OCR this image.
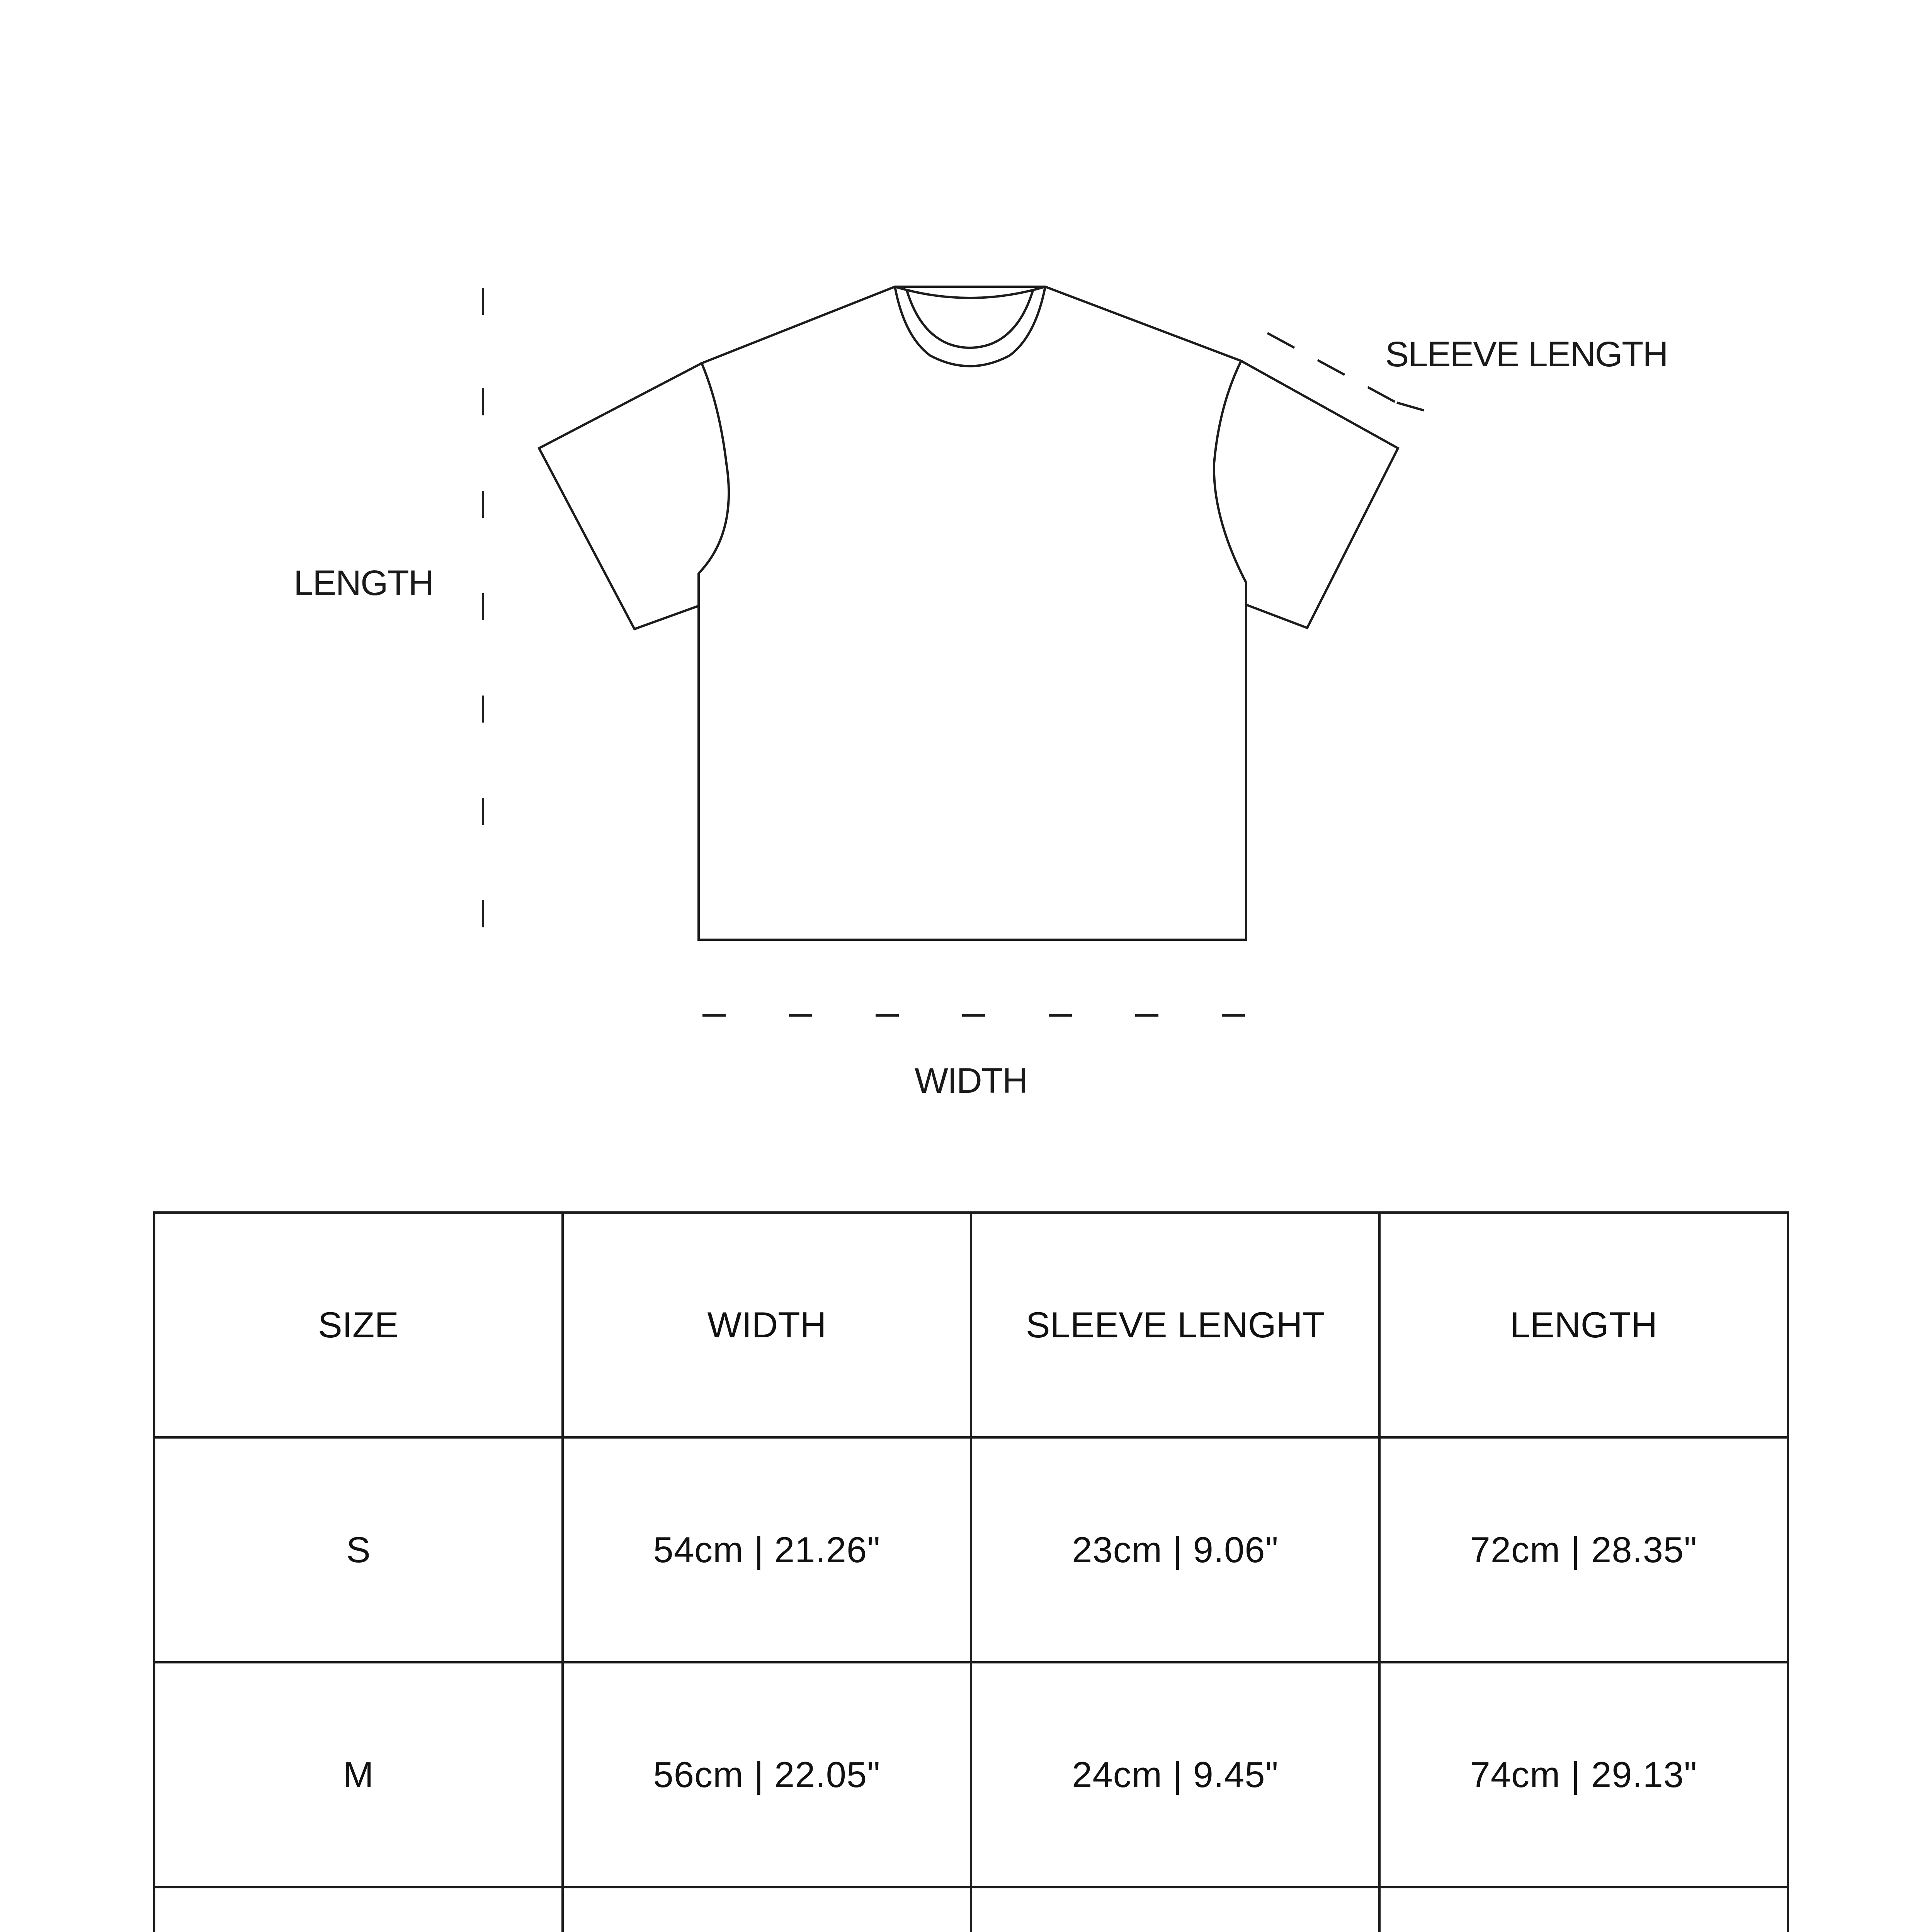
LENGTH
WIDTH
SLEEVE LENGTH
SIZE	WIDTH	SLEEVE LENGHT	LENGTH
S	54cm | 21.26"	23cm | 9.06"	72cm | 28.35"
M	56cm | 22.05"	24cm | 9.45"	74cm | 29.13"
